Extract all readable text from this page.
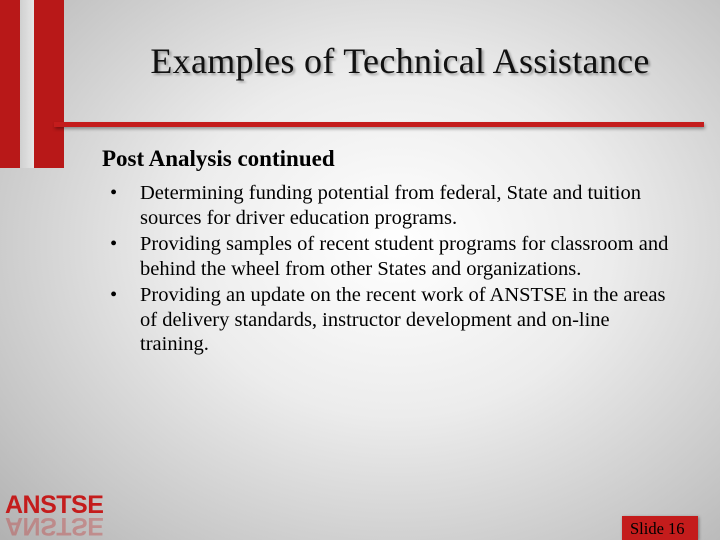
Examples of Technical Assistance
Post Analysis continued
• Determining funding potential from federal, State and tuition sources for driver education programs.
• Providing samples of recent student programs for classroom and behind the wheel from other States and organizations.
• Providing an update on the recent work of ANSTSE in the areas of delivery standards, instructor development and on-line training.
ANSTSE
ANSTSE	Slide 16
